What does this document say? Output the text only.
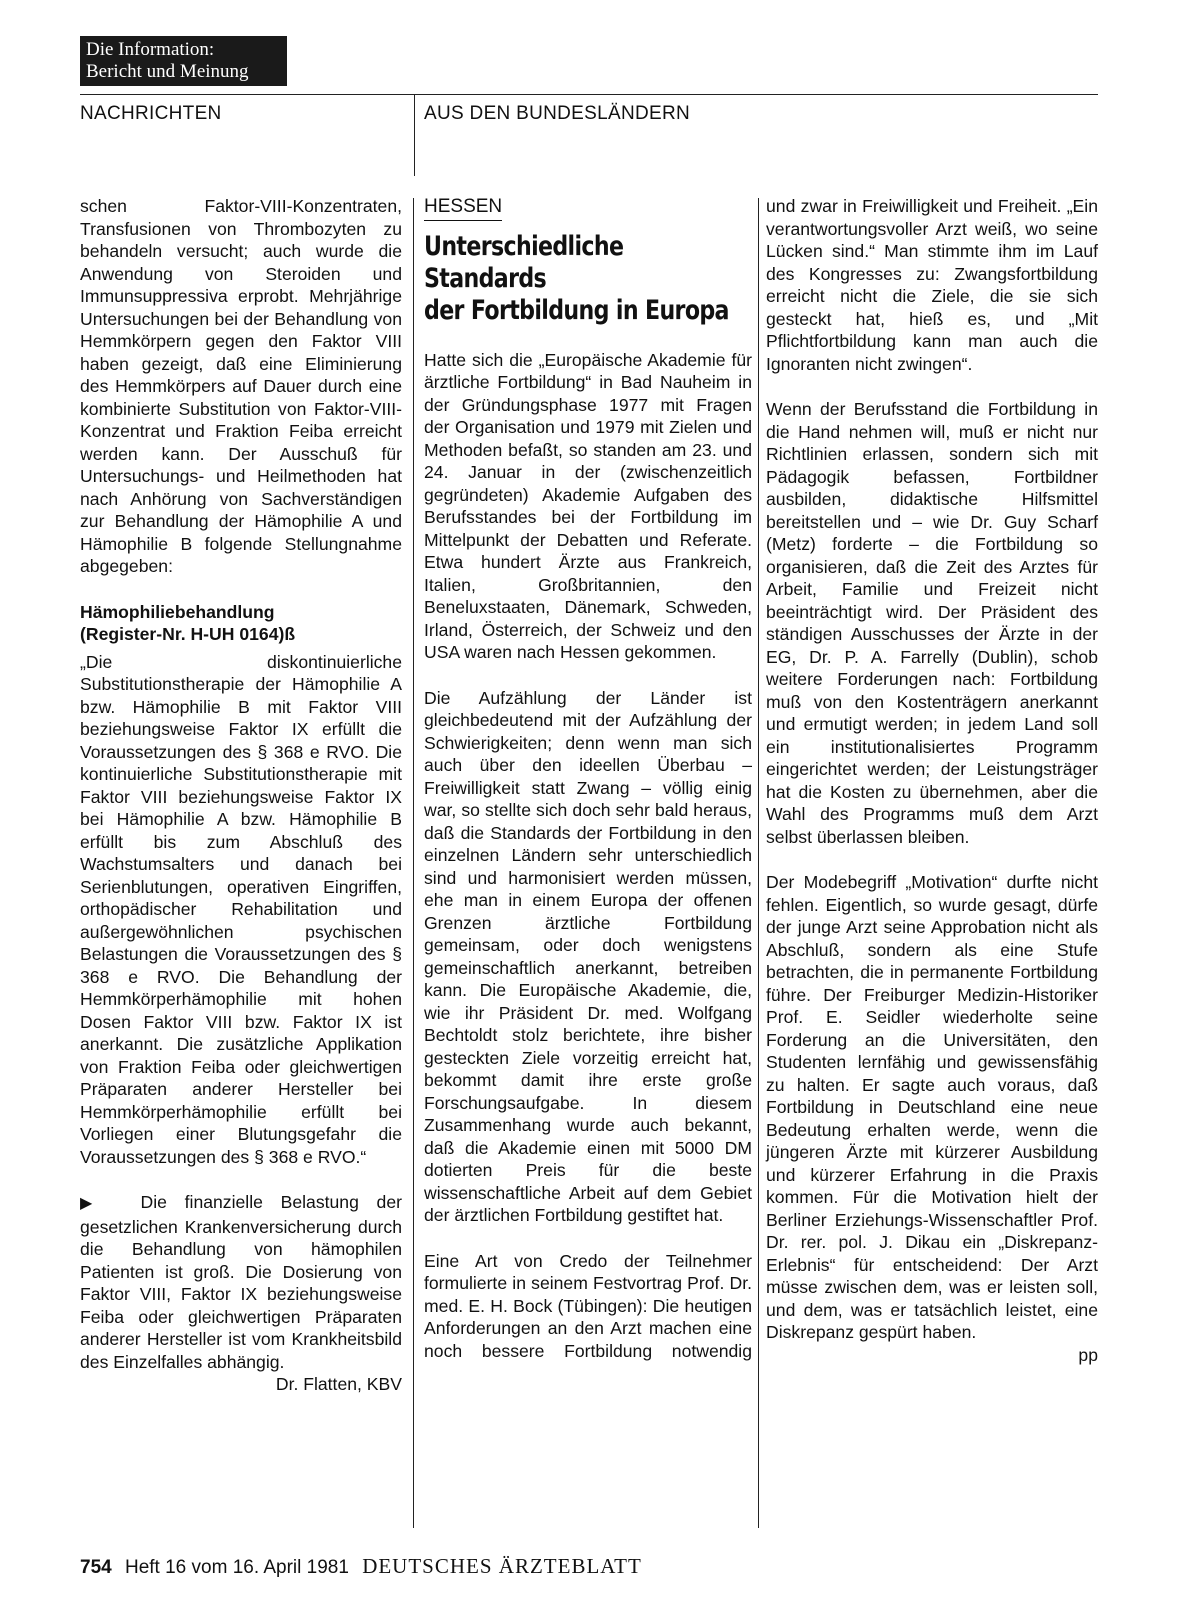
Die Information:
Bericht und Meinung
NACHRICHTEN	AUS DEN BUNDESLÄNDERN

schen Faktor-VIII-Konzentraten, Transfusionen von Thrombozyten zu behandeln versucht; auch wurde die Anwendung von Steroiden und Immunsuppressiva erprobt. Mehrjährige Untersuchungen bei der Behandlung von Hemmkörpern gegen den Faktor VIII haben gezeigt, daß eine Eliminierung des Hemmkörpers auf Dauer durch eine kombinierte Substitution von Faktor-VIII-Konzentrat und Fraktion Feiba erreicht werden kann. Der Ausschuß für Untersuchungs- und Heilmethoden hat nach Anhörung von Sachverständigen zur Behandlung der Hämophilie A und Hämophilie B folgende Stellungnahme abgegeben:

Hämophiliebehandlung
(Register-Nr. H-UH 0164)ß

„Die diskontinuierliche Substitutionstherapie der Hämophilie A bzw. Hämophilie B mit Faktor VIII beziehungsweise Faktor IX erfüllt die Voraussetzungen des § 368 e RVO. Die kontinuierliche Substitutionstherapie mit Faktor VIII beziehungsweise Faktor IX bei Hämophilie A bzw. Hämophilie B erfüllt bis zum Abschluß des Wachstumsalters und danach bei Serienblutungen, operativen Eingriffen, orthopädischer Rehabilitation und außergewöhnlichen psychischen Belastungen die Voraussetzungen des § 368 e RVO. Die Behandlung der Hemmkörperhämophilie mit hohen Dosen Faktor VIII bzw. Faktor IX ist anerkannt. Die zusätzliche Applikation von Fraktion Feiba oder gleichwertigen Präparaten anderer Hersteller bei Hemmkörperhämophilie erfüllt bei Vorliegen einer Blutungsgefahr die Voraussetzungen des § 368 e RVO.“

▶ Die finanzielle Belastung der gesetzlichen Krankenversicherung durch die Behandlung von hämophilen Patienten ist groß. Die Dosierung von Faktor VIII, Faktor IX beziehungsweise Feiba oder gleichwertigen Präparaten anderer Hersteller ist vom Krankheitsbild des Einzelfalles abhängig.

Dr. Flatten, KBV

HESSEN
Unterschiedliche
Standards
der Fortbildung in Europa

Hatte sich die „Europäische Akademie für ärztliche Fortbildung“ in Bad Nauheim in der Gründungsphase 1977 mit Fragen der Organisation und 1979 mit Zielen und Methoden befaßt, so standen am 23. und 24. Januar in der (zwischenzeitlich gegründeten) Akademie Aufgaben des Berufsstandes bei der Fortbildung im Mittelpunkt der Debatten und Referate. Etwa hundert Ärzte aus Frankreich, Italien, Großbritannien, den Beneluxstaaten, Dänemark, Schweden, Irland, Österreich, der Schweiz und den USA waren nach Hessen gekommen.

Die Aufzählung der Länder ist gleichbedeutend mit der Aufzählung der Schwierigkeiten; denn wenn man sich auch über den ideellen Überbau – Freiwilligkeit statt Zwang – völlig einig war, so stellte sich doch sehr bald heraus, daß die Standards der Fortbildung in den einzelnen Ländern sehr unterschiedlich sind und harmonisiert werden müssen, ehe man in einem Europa der offenen Grenzen ärztliche Fortbildung gemeinsam, oder doch wenigstens gemeinschaftlich anerkannt, betreiben kann. Die Europäische Akademie, die, wie ihr Präsident Dr. med. Wolfgang Bechtoldt stolz berichtete, ihre bisher gesteckten Ziele vorzeitig erreicht hat, bekommt damit ihre erste große Forschungsaufgabe. In diesem Zusammenhang wurde auch bekannt, daß die Akademie einen mit 5000 DM dotierten Preis für die beste wissenschaftliche Arbeit auf dem Gebiet der ärztlichen Fortbildung gestiftet hat.

Eine Art von Credo der Teilnehmer formulierte in seinem Festvortrag Prof. Dr. med. E. H. Bock (Tübingen): Die heutigen Anforderungen an den Arzt machen eine noch bessere Fortbildung notwendig

und zwar in Freiwilligkeit und Freiheit. „Ein verantwortungsvoller Arzt weiß, wo seine Lücken sind.“ Man stimmte ihm im Lauf des Kongresses zu: Zwangsfortbildung erreicht nicht die Ziele, die sie sich gesteckt hat, hieß es, und „Mit Pflichtfortbildung kann man auch die Ignoranten nicht zwingen“.

Wenn der Berufsstand die Fortbildung in die Hand nehmen will, muß er nicht nur Richtlinien erlassen, sondern sich mit Pädagogik befassen, Fortbildner ausbilden, didaktische Hilfsmittel bereitstellen und – wie Dr. Guy Scharf (Metz) forderte – die Fortbildung so organisieren, daß die Zeit des Arztes für Arbeit, Familie und Freizeit nicht beeinträchtigt wird. Der Präsident des ständigen Ausschusses der Ärzte in der EG, Dr. P. A. Farrelly (Dublin), schob weitere Forderungen nach: Fortbildung muß von den Kostenträgern anerkannt und ermutigt werden; in jedem Land soll ein institutionalisiertes Programm eingerichtet werden; der Leistungsträger hat die Kosten zu übernehmen, aber die Wahl des Programms muß dem Arzt selbst überlassen bleiben.

Der Modebegriff „Motivation“ durfte nicht fehlen. Eigentlich, so wurde gesagt, dürfe der junge Arzt seine Approbation nicht als Abschluß, sondern als eine Stufe betrachten, die in permanente Fortbildung führe. Der Freiburger Medizin-Historiker Prof. E. Seidler wiederholte seine Forderung an die Universitäten, den Studenten lernfähig und gewissensfähig zu halten. Er sagte auch voraus, daß Fortbildung in Deutschland eine neue Bedeutung erhalten werde, wenn die jüngeren Ärzte mit kürzerer Ausbildung und kürzerer Erfahrung in die Praxis kommen. Für die Motivation hielt der Berliner Erziehungs-Wissenschaftler Prof. Dr. rer. pol. J. Dikau ein „Diskrepanz-Erlebnis“ für entscheidend: Der Arzt müsse zwischen dem, was er leisten soll, und dem, was er tatsächlich leistet, eine Diskrepanz gespürt haben.

pp
754 Heft 16 vom 16. April 1981 DEUTSCHES ÄRZTEBLATT
